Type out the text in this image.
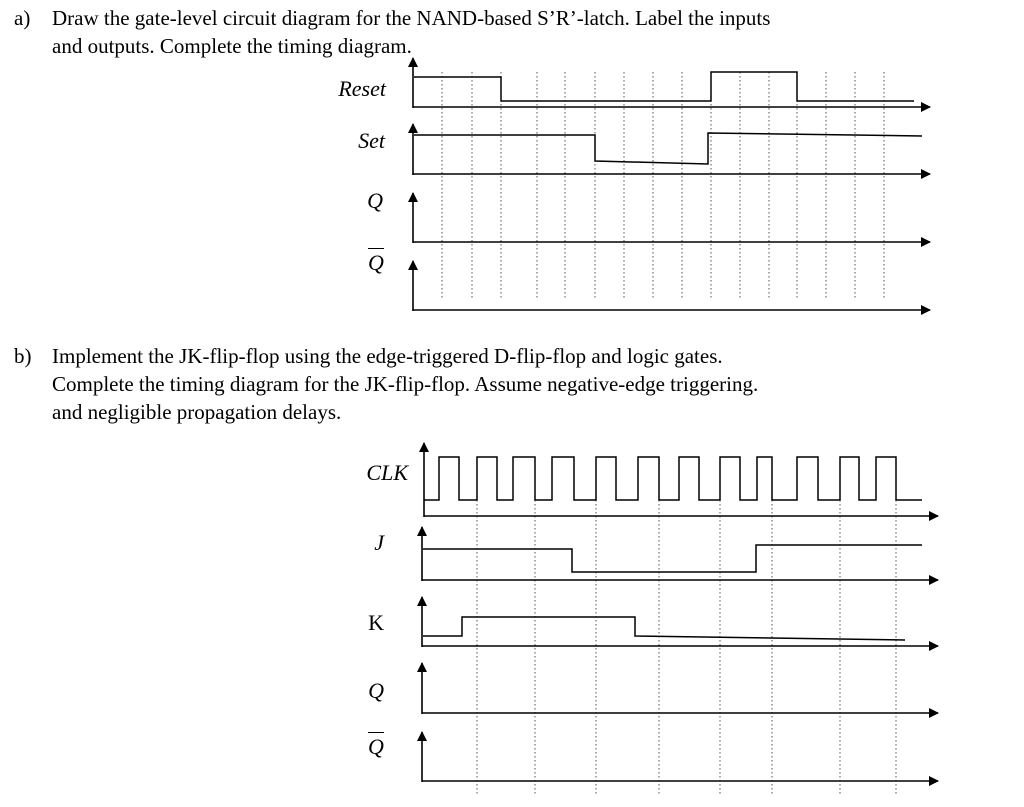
a) Draw the gate-level circuit diagram for the NAND-based S’R’-latch. Label the inputs
and outputs. Complete the timing diagram.
b) Implement the JK-flip-flop using the edge-triggered D-flip-flop and logic gates.
Complete the timing diagram for the JK-flip-flop. Assume negative-edge triggering.
and negligible propagation delays.
Reset
Set
Q
Q
CLK
J
K
Q
Q
